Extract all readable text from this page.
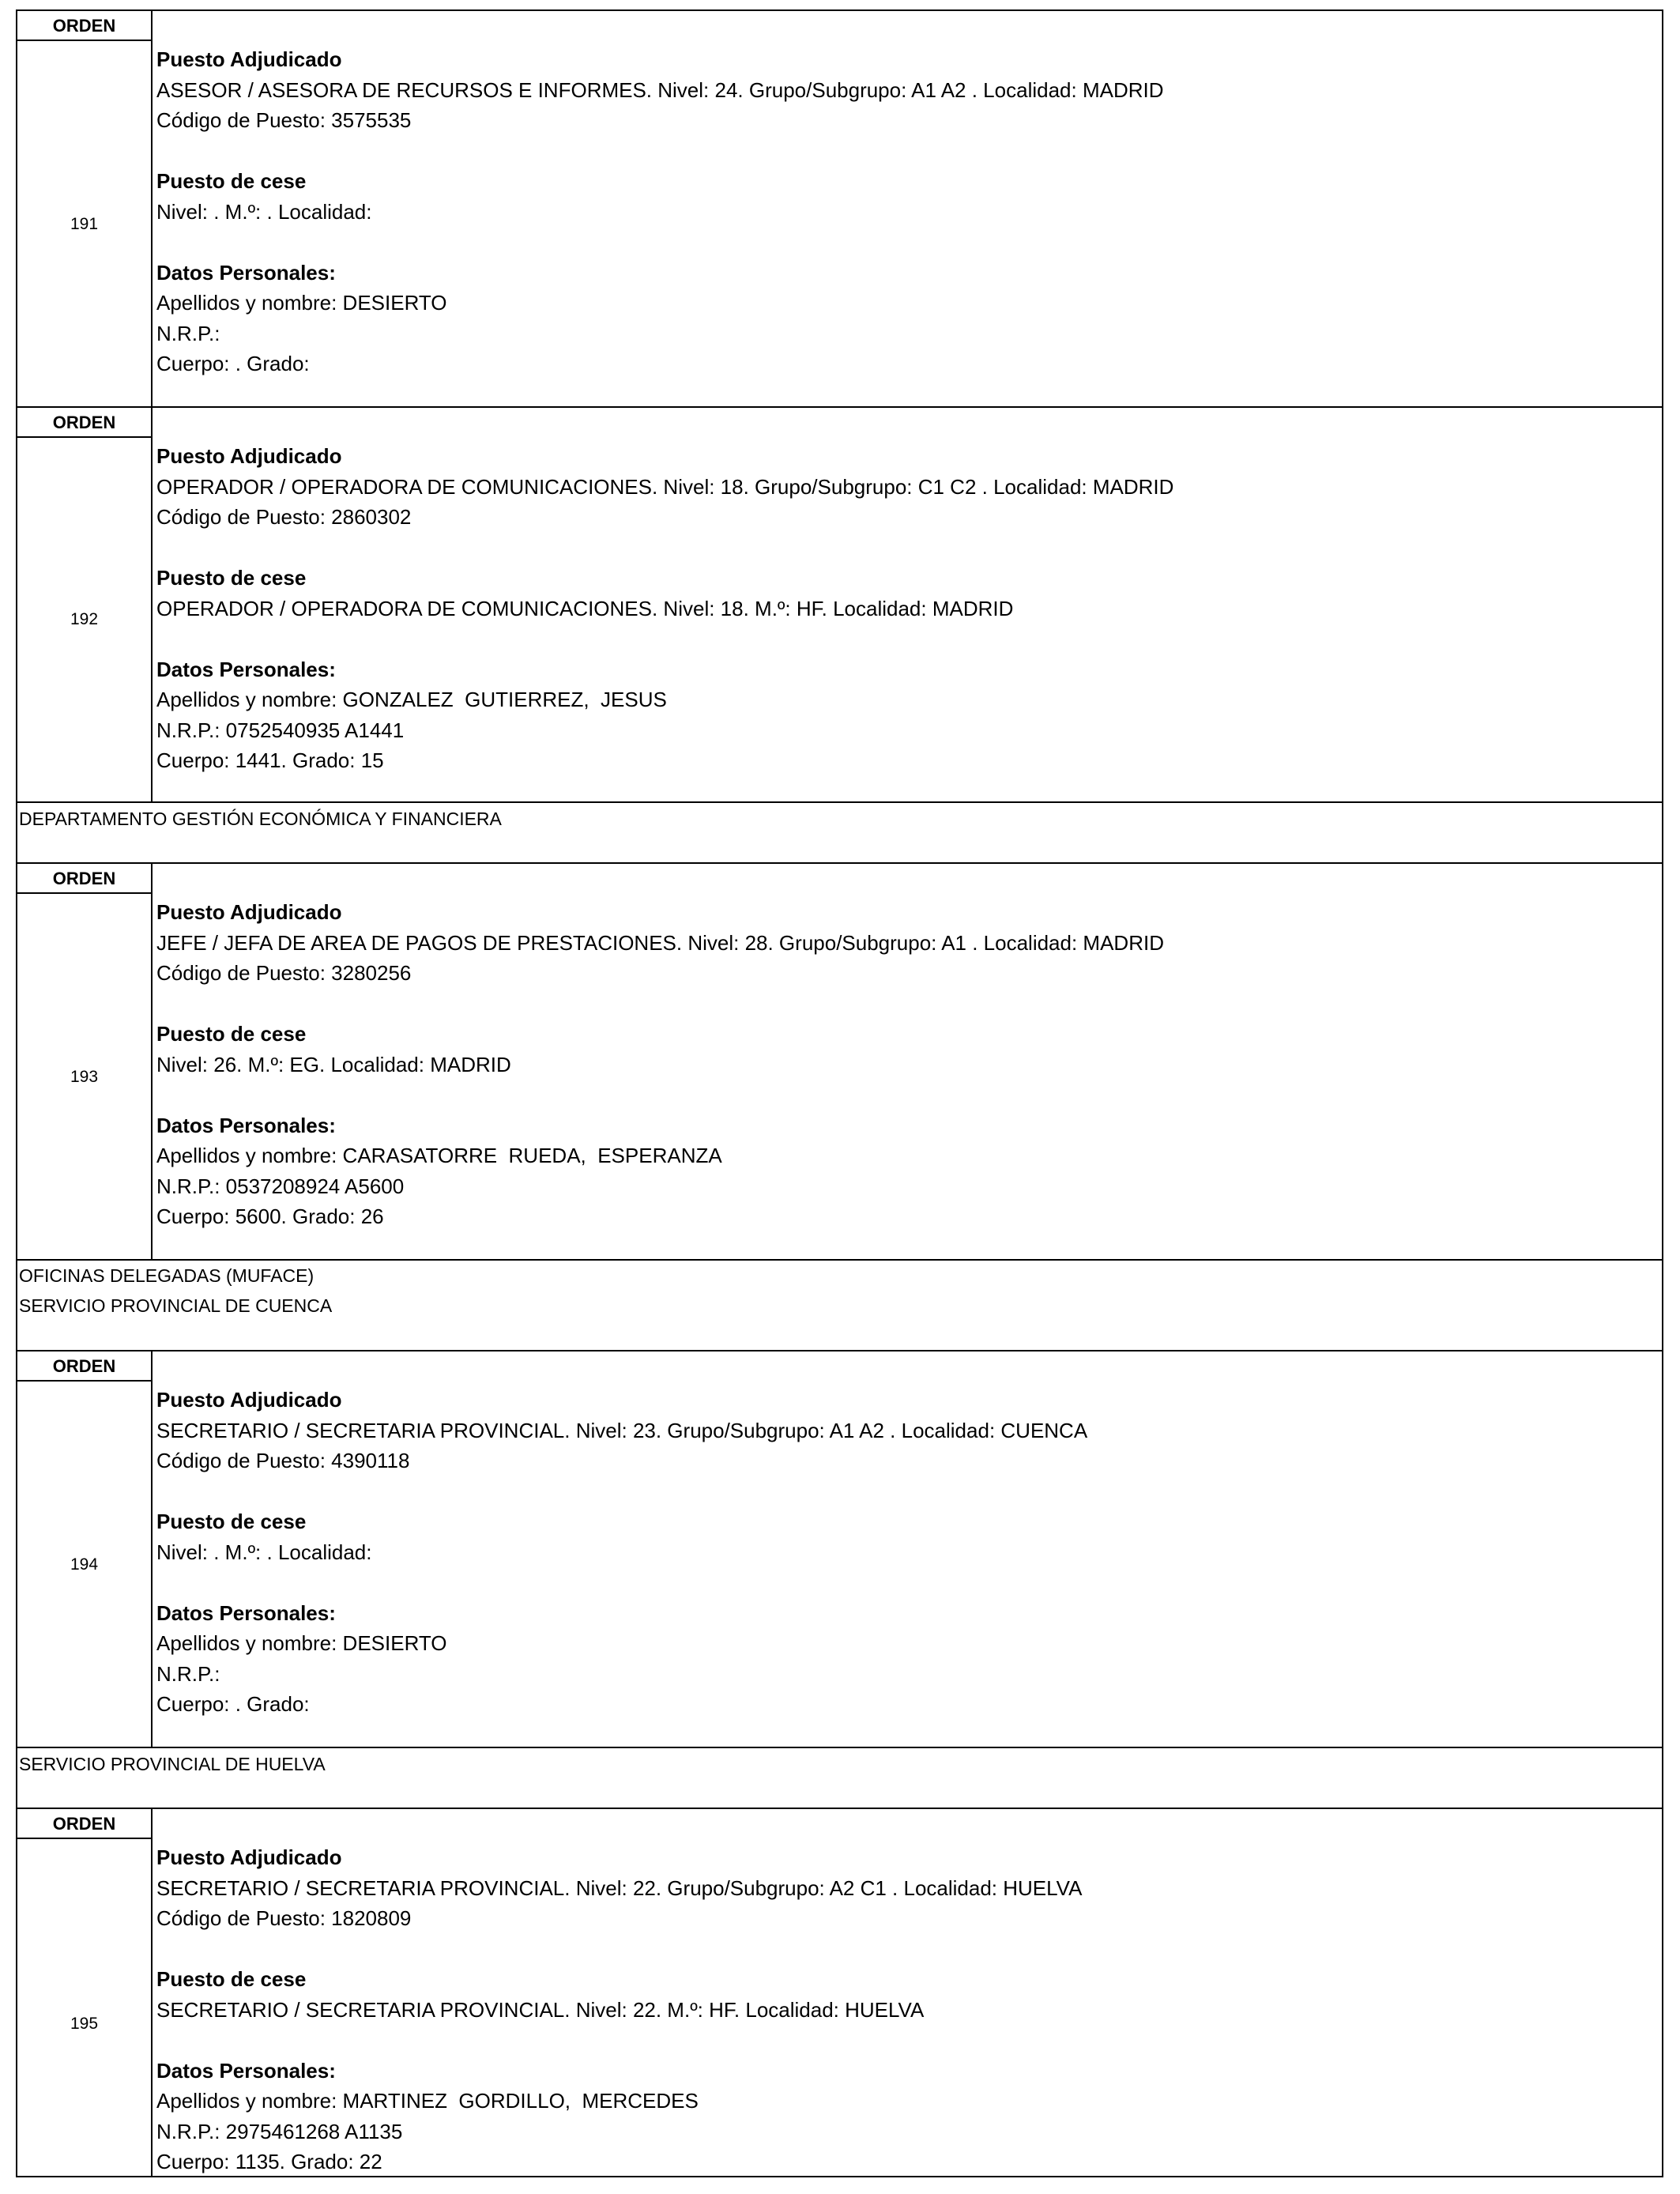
ORDEN
191
Puesto Adjudicado
ASESOR / ASESORA DE RECURSOS E INFORMES. Nivel: 24. Grupo/Subgrupo: A1 A2 . Localidad: MADRID
Código de Puesto: 3575535
Puesto de cese
Nivel: . M.º: . Localidad:
Datos Personales:
Apellidos y nombre: DESIERTO
N.R.P.:
Cuerpo: . Grado:
ORDEN
192
Puesto Adjudicado
OPERADOR / OPERADORA DE COMUNICACIONES. Nivel: 18. Grupo/Subgrupo: C1 C2 . Localidad: MADRID
Código de Puesto: 2860302
Puesto de cese
OPERADOR / OPERADORA DE COMUNICACIONES. Nivel: 18. M.º: HF. Localidad: MADRID
Datos Personales:
Apellidos y nombre: GONZALEZ  GUTIERREZ,  JESUS
N.R.P.: 0752540935 A1441
Cuerpo: 1441. Grado: 15
DEPARTAMENTO GESTIÓN ECONÓMICA Y FINANCIERA
ORDEN
193
Puesto Adjudicado
JEFE / JEFA DE AREA DE PAGOS DE PRESTACIONES. Nivel: 28. Grupo/Subgrupo: A1 . Localidad: MADRID
Código de Puesto: 3280256
Puesto de cese
Nivel: 26. M.º: EG. Localidad: MADRID
Datos Personales:
Apellidos y nombre: CARASATORRE  RUEDA,  ESPERANZA
N.R.P.: 0537208924 A5600
Cuerpo: 5600. Grado: 26
OFICINAS DELEGADAS (MUFACE)
SERVICIO PROVINCIAL DE CUENCA
ORDEN
194
Puesto Adjudicado
SECRETARIO / SECRETARIA PROVINCIAL. Nivel: 23. Grupo/Subgrupo: A1 A2 . Localidad: CUENCA
Código de Puesto: 4390118
Puesto de cese
Nivel: . M.º: . Localidad:
Datos Personales:
Apellidos y nombre: DESIERTO
N.R.P.:
Cuerpo: . Grado:
SERVICIO PROVINCIAL DE HUELVA
ORDEN
195
Puesto Adjudicado
SECRETARIO / SECRETARIA PROVINCIAL. Nivel: 22. Grupo/Subgrupo: A2 C1 . Localidad: HUELVA
Código de Puesto: 1820809
Puesto de cese
SECRETARIO / SECRETARIA PROVINCIAL. Nivel: 22. M.º: HF. Localidad: HUELVA
Datos Personales:
Apellidos y nombre: MARTINEZ  GORDILLO,  MERCEDES
N.R.P.: 2975461268 A1135
Cuerpo: 1135. Grado: 22
